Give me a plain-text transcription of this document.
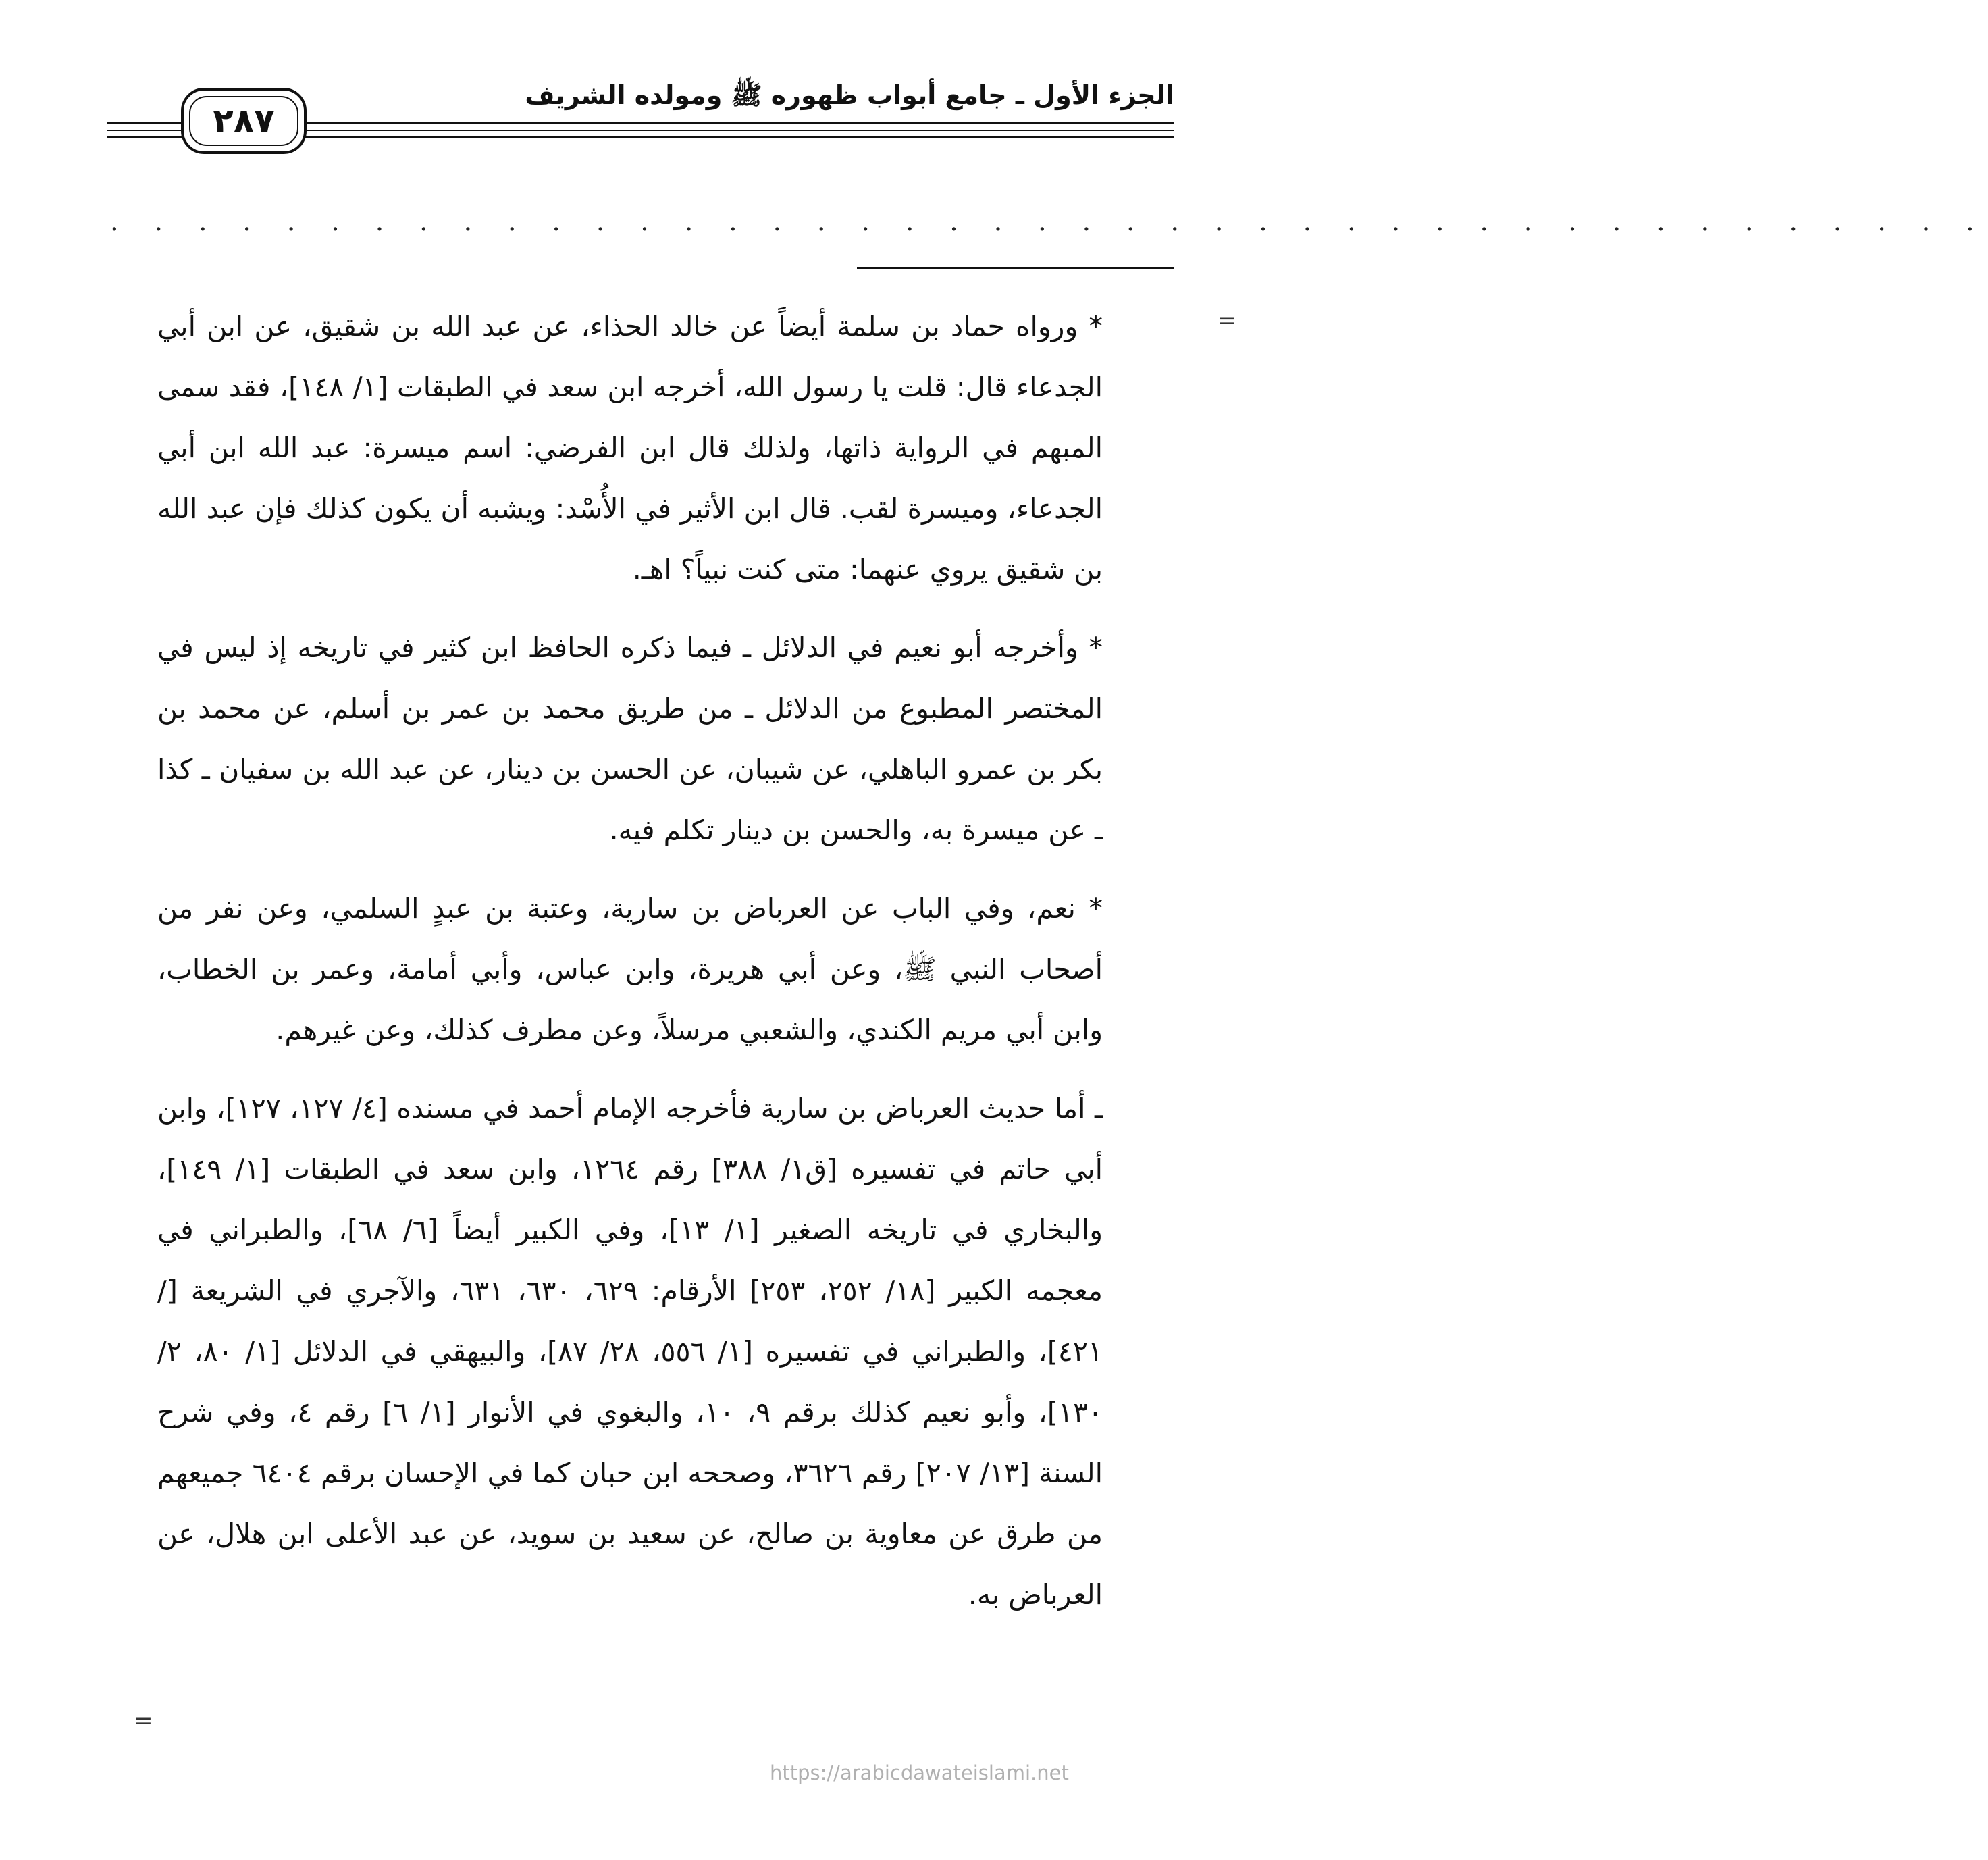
الجزء الأول ـ جامع أبواب ظهوره ﷺ ومولده الشريف
٢٨٧
. . . . . . . . . . . . . . . . . . . . . . . . . . . . . . . . . . . . . . . . . . .
=

* ورواه حماد بن سلمة أيضاً عن خالد الحذاء، عن عبد الله بن شقيق، عن ابن أبي الجدعاء قال: قلت يا رسول الله، أخرجه ابن سعد في الطبقات [١/ ١٤٨]، فقد سمى المبهم في الرواية ذاتها، ولذلك قال ابن الفرضي: اسم ميسرة: عبد الله ابن أبي الجدعاء، وميسرة لقب. قال ابن الأثير في الأُسْد: ويشبه أن يكون كذلك فإن عبد الله بن شقيق يروي عنهما: متى كنت نبياً؟ اهـ.

* وأخرجه أبو نعيم في الدلائل ـ فيما ذكره الحافظ ابن كثير في تاريخه إذ ليس في المختصر المطبوع من الدلائل ـ من طريق محمد بن عمر بن أسلم، عن محمد بن بكر بن عمرو الباهلي، عن شيبان، عن الحسن بن دينار، عن عبد الله بن سفيان ـ كذا ـ عن ميسرة به، والحسن بن دينار تكلم فيه.

* نعم، وفي الباب عن العرباض بن سارية، وعتبة بن عبدٍ السلمي، وعن نفر من أصحاب النبي ﷺ، وعن أبي هريرة، وابن عباس، وأبي أمامة، وعمر بن الخطاب، وابن أبي مريم الكندي، والشعبي مرسلاً، وعن مطرف كذلك، وعن غيرهم.

ـ أما حديث العرباض بن سارية فأخرجه الإمام أحمد في مسنده [٤/ ١٢٧، ١٢٧]، وابن أبي حاتم في تفسيره [ق١/ ٣٨٨] رقم ١٢٦٤، وابن سعد في الطبقات [١/ ١٤٩]، والبخاري في تاريخه الصغير [١/ ١٣]، وفي الكبير أيضاً [٦/ ٦٨]، والطبراني في معجمه الكبير [١٨/ ٢٥٢، ٢٥٣] الأرقام: ٦٢٩، ٦٣٠، ٦٣١، والآجري في الشريعة [/ ٤٢١]، والطبراني في تفسيره [١/ ٥٥٦، ٢٨/ ٨٧]، والبيهقي في الدلائل [١/ ٨٠، ٢/ ١٣٠]، وأبو نعيم كذلك برقم ٩، ١٠، والبغوي في الأنوار [١/ ٦] رقم ٤، وفي شرح السنة [١٣/ ٢٠٧] رقم ٣٦٢٦، وصححه ابن حبان كما في الإحسان برقم ٦٤٠٤ جميعهم من طرق عن معاوية بن صالح، عن سعيد بن سويد، عن عبد الأعلى ابن هلال، عن العرباض به.

=
https://arabicdawateislami.net
